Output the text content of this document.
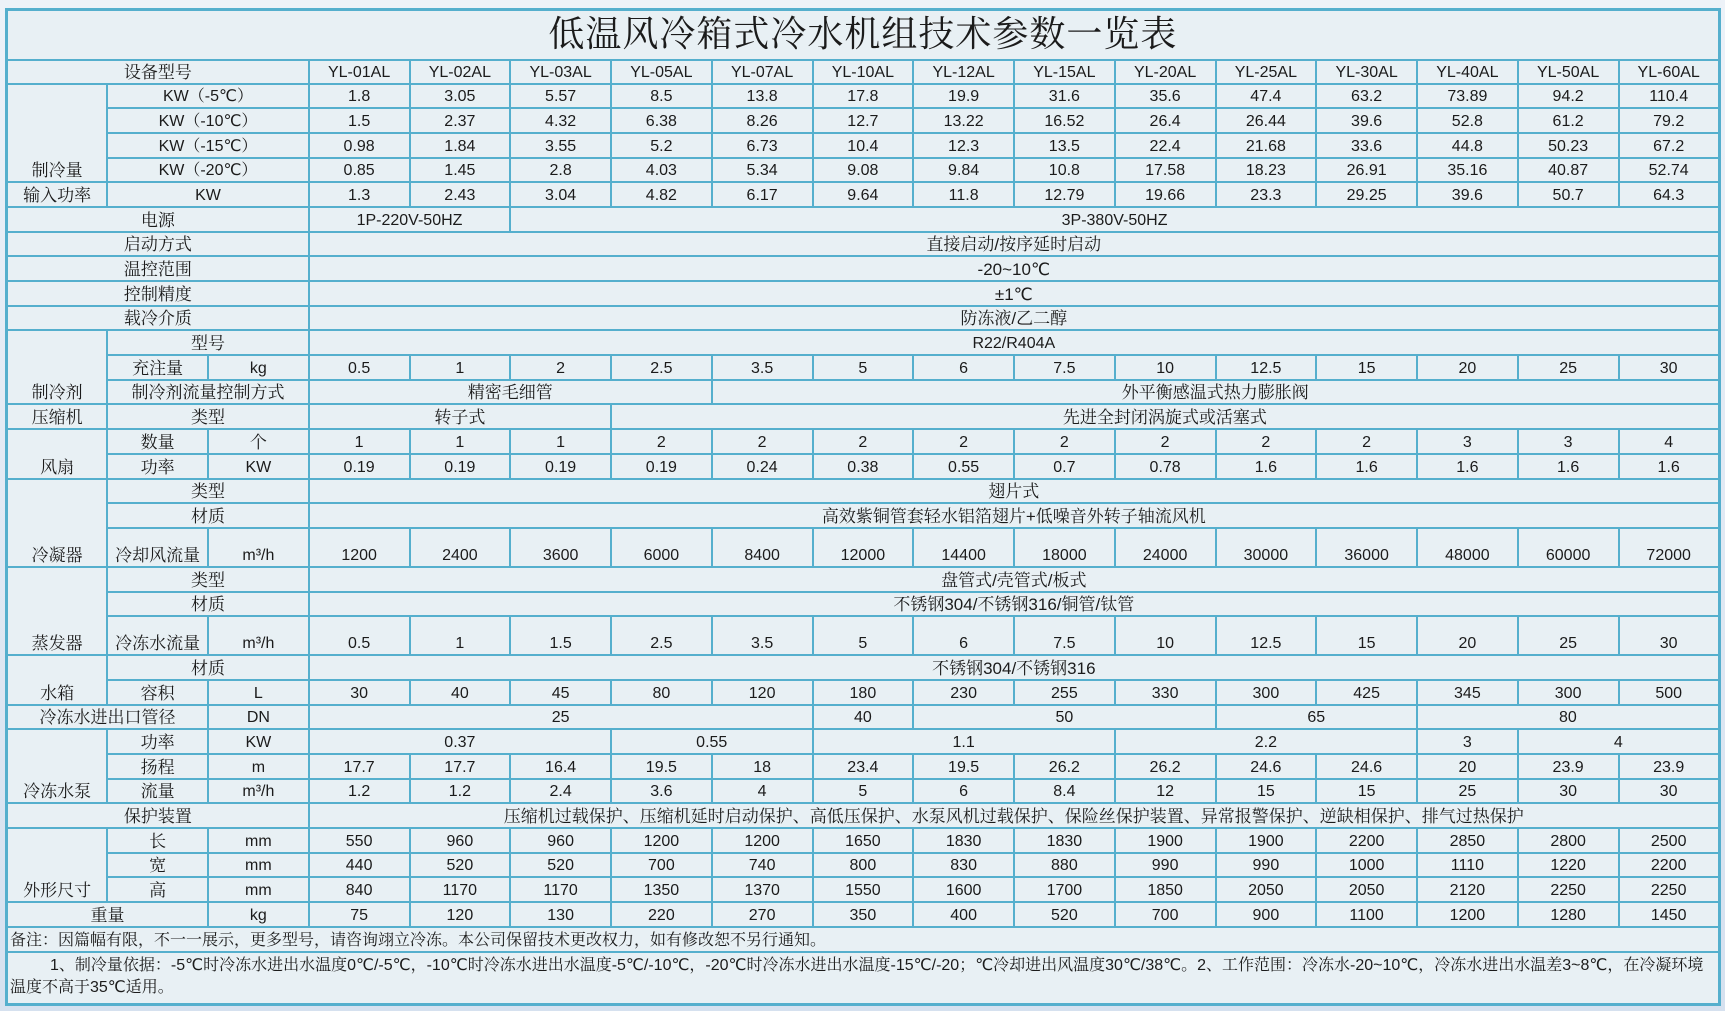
低温风冷箱式冷水机组技术参数一览表																
设备型号			YL-01AL	YL-02AL	YL-03AL	YL-05AL	YL-07AL	YL-10AL	YL-12AL	YL-15AL	YL-20AL	YL-25AL	YL-30AL	YL-40AL	YL-50AL	YL-60AL
制冷量	KW（-5℃）		1.8	3.05	5.57	8.5	13.8	17.8	19.9	31.6	35.6	47.4	63.2	73.89	94.2	110.4
	KW（-10℃）		1.5	2.37	4.32	6.38	8.26	12.7	13.22	16.52	26.4	26.44	39.6	52.8	61.2	79.2
	KW（-15℃）		0.98	1.84	3.55	5.2	6.73	10.4	12.3	13.5	22.4	21.68	33.6	44.8	50.23	67.2
	KW（-20℃）		0.85	1.45	2.8	4.03	5.34	9.08	9.84	10.8	17.58	18.23	26.91	35.16	40.87	52.74
输入功率	KW		1.3	2.43	3.04	4.82	6.17	9.64	11.8	12.79	19.66	23.3	29.25	39.6	50.7	64.3
电源			1P-220V-50HZ		3P-380V-50HZ											
启动方式			直接启动/按序延时启动													
温控范围			-20~10℃													
控制精度			±1℃													
载冷介质			防冻液/乙二醇													
制冷剂	型号		R22/R404A													
	充注量	kg	0.5	1	2	2.5	3.5	5	6	7.5	10	12.5	15	20	25	30
	制冷剂流量控制方式		精密毛细管				外平衡感温式热力膨胀阀									
压缩机	类型		转子式			先进全封闭涡旋式或活塞式										
风扇	数量	个	1	1	1	2	2	2	2	2	2	2	2	3	3	4
	功率	KW	0.19	0.19	0.19	0.19	0.24	0.38	0.55	0.7	0.78	1.6	1.6	1.6	1.6	1.6
冷凝器	类型		翅片式													
	材质		高效紫铜管套轻水铝箔翅片+低噪音外转子轴流风机													
	冷却风流量	m³/h	1200	2400	3600	6000	8400	12000	14400	18000	24000	30000	36000	48000	60000	72000
蒸发器	类型		盘管式/壳管式/板式													
	材质		不锈钢304/不锈钢316/铜管/钛管													
	冷冻水流量	m³/h	0.5	1	1.5	2.5	3.5	5	6	7.5	10	12.5	15	20	25	30
水箱	材质		不锈钢304/不锈钢316													
	容积	L	30	40	45	80	120	180	230	255	330	300	425	345	300	500
冷冻水进出口管径		DN	25					40	50			65		80		
冷冻水泵	功率	KW	0.37			0.55		1.1			2.2			3	4	
	扬程	m	17.7	17.7	16.4	19.5	18	23.4	19.5	26.2	26.2	24.6	24.6	20	23.9	23.9
	流量	m³/h	1.2	1.2	2.4	3.6	4	5	6	8.4	12	15	15	25	30	30
保护装置			压缩机过载保护、压缩机延时启动保护、高低压保护、水泵风机过载保护、保险丝保护装置、异常报警保护、逆缺相保护、排气过热保护													
外形尺寸	长	mm	550	960	960	1200	1200	1650	1830	1830	1900	1900	2200	2850	2800	2500
	宽	mm	440	520	520	700	740	800	830	880	990	990	1000	1110	1220	2200
	高	mm	840	1170	1170	1350	1370	1550	1600	1700	1850	2050	2050	2120	2250	2250
重量		kg	75	120	130	220	270	350	400	520	700	900	1100	1200	1280	1450
备注：因篇幅有限，不一一展示，更多型号，请咨询翊立冷冻。本公司保留技术更改权力，如有修改恕不另行通知。																
1、制冷量依据：-5℃时冷冻水进出水温度0℃/-5℃，-10℃时冷冻水进出水温度-5℃/-10℃，-20℃时冷冻水进出水温度-15℃/-20；℃冷却进出风温度30℃/38℃。2、工作范围：冷冻水-20~10℃，冷冻水进出水温差3~8℃，在冷凝环境温度不高于35℃适用。																
